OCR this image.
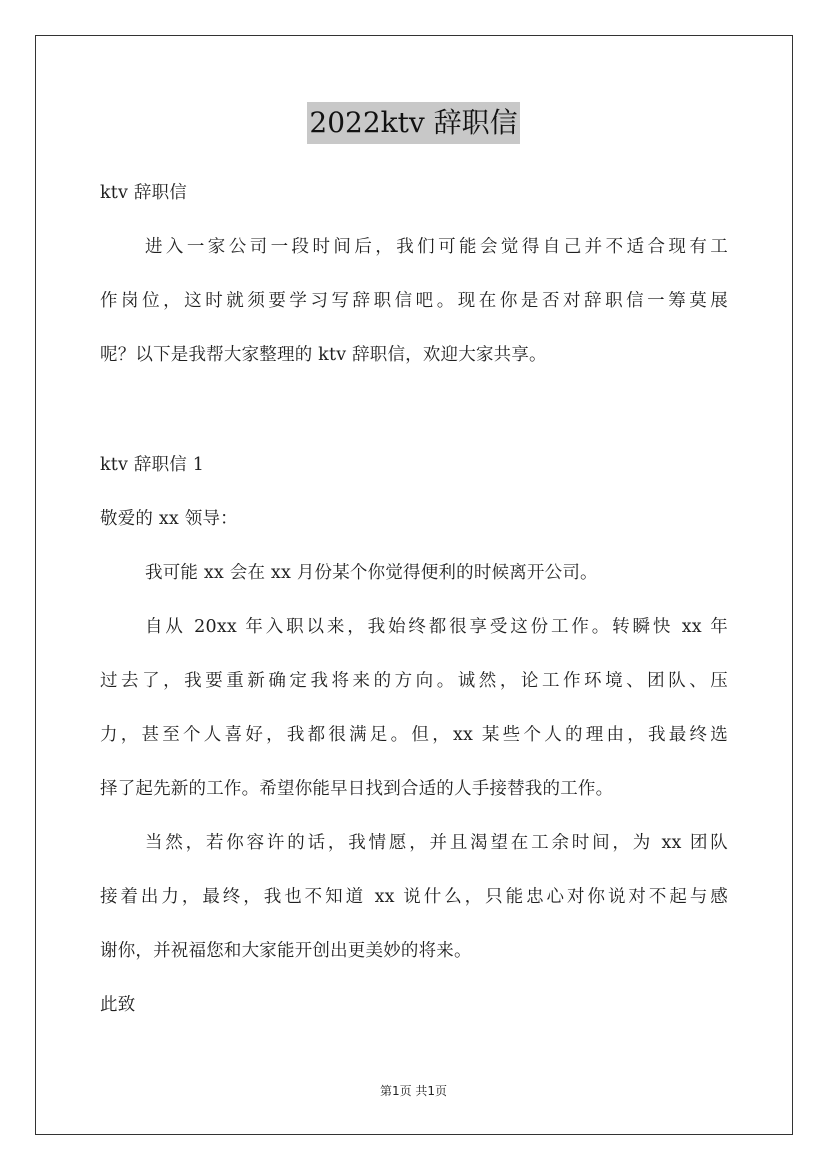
2022ktv 辞职信
ktv 辞职信
进入一家公司一段时间后，我们可能会觉得自己并不适合现有工
作岗位，这时就须要学习写辞职信吧。现在你是否对辞职信一筹莫展
呢？以下是我帮大家整理的 ktv 辞职信，欢迎大家共享。
ktv 辞职信 1
敬爱的 xx 领导：
我可能 xx 会在 xx 月份某个你觉得便利的时候离开公司。
自从 20xx 年入职以来，我始终都很享受这份工作。转瞬快 xx 年
过去了，我要重新确定我将来的方向。诚然，论工作环境、团队、压
力，甚至个人喜好，我都很满足。但，xx 某些个人的理由，我最终选
择了起先新的工作。希望你能早日找到合适的人手接替我的工作。
当然，若你容许的话，我情愿，并且渴望在工余时间，为 xx 团队
接着出力，最终，我也不知道 xx 说什么，只能忠心对你说对不起与感
谢你，并祝福您和大家能开创出更美妙的将来。
此致
第1页 共1页
